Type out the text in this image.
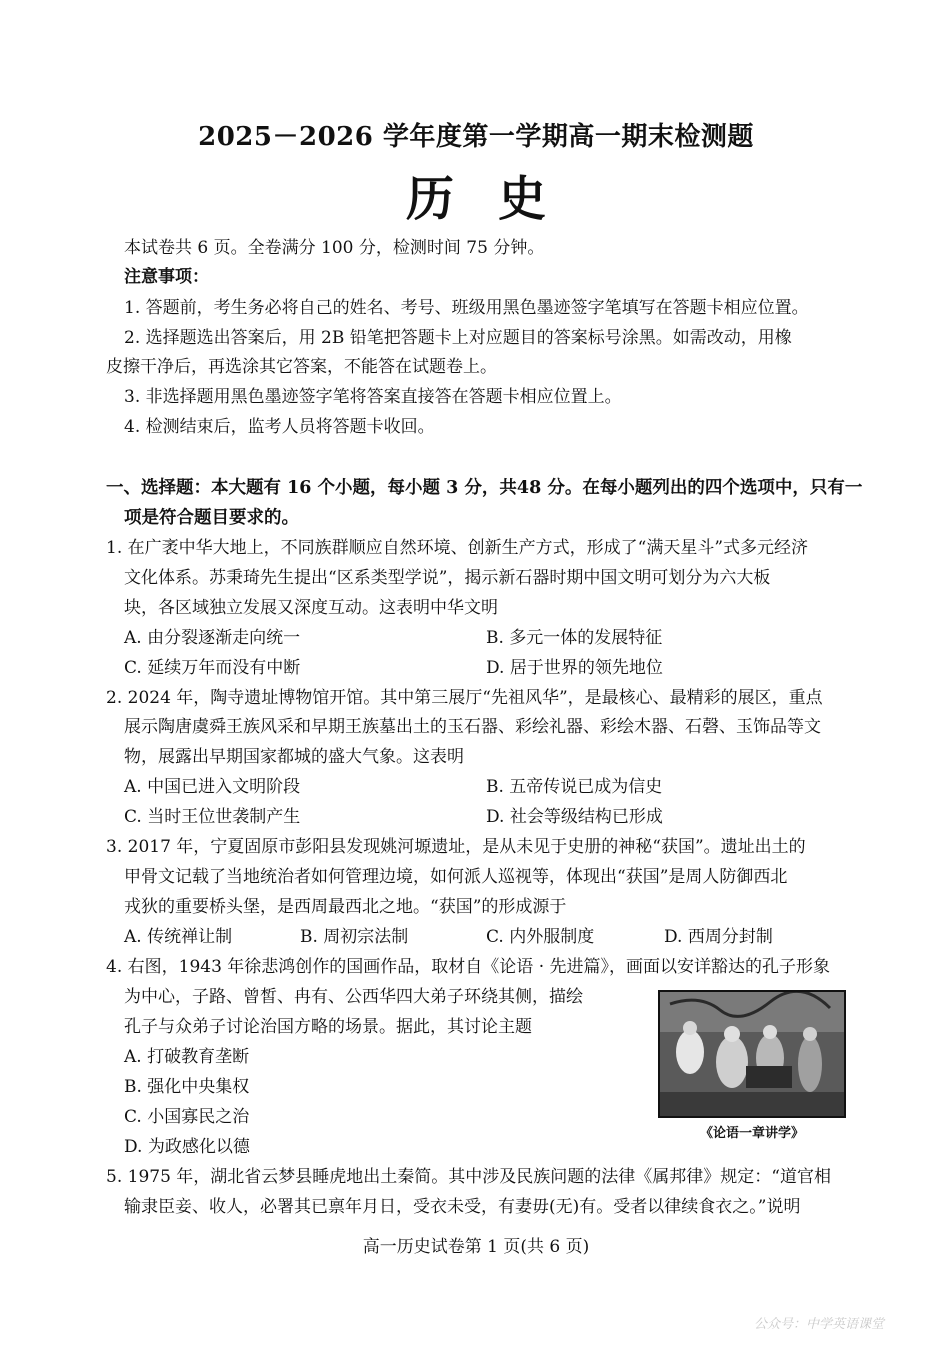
2025－2026 学年度第一学期高一期末检测题
历史
本试卷共 6 页。全卷满分 100 分，检测时间 75 分钟。
注意事项：
1. 答题前，考生务必将自己的姓名、考号、班级用黑色墨迹签字笔填写在答题卡相应位置。
2. 选择题选出答案后，用 2B 铅笔把答题卡上对应题目的答案标号涂黑。如需改动，用橡
皮擦干净后，再选涂其它答案，不能答在试题卷上。
3. 非选择题用黑色墨迹签字笔将答案直接答在答题卡相应位置上。
4. 检测结束后，监考人员将答题卡收回。
一、选择题：本大题有 16 个小题，每小题 3 分，共48 分。在每小题列出的四个选项中，只有一
项是符合题目要求的。
1. 在广袤中华大地上，不同族群顺应自然环境、创新生产方式，形成了“满天星斗”式多元经济
文化体系。苏秉琦先生提出“区系类型学说”，揭示新石器时期中国文明可划分为六大板
块，各区域独立发展又深度互动。这表明中华文明
A. 由分裂逐渐走向统一	B. 多元一体的发展特征
C. 延续万年而没有中断	D. 居于世界的领先地位
2. 2024 年，陶寺遗址博物馆开馆。其中第三展厅“先祖风华”，是最核心、最精彩的展区，重点
展示陶唐虞舜王族风采和早期王族墓出土的玉石器、彩绘礼器、彩绘木器、石磬、玉饰品等文
物，展露出早期国家都城的盛大气象。这表明
A. 中国已进入文明阶段	B. 五帝传说已成为信史
C. 当时王位世袭制产生	D. 社会等级结构已形成
3. 2017 年，宁夏固原市彭阳县发现姚河塬遗址，是从未见于史册的神秘“获国”。遗址出土的
甲骨文记载了当地统治者如何管理边境，如何派人巡视等，体现出“获国”是周人防御西北
戎狄的重要桥头堡，是西周最西北之地。“获国”的形成源于
A. 传统禅让制	B. 周初宗法制	C. 内外服制度	D. 西周分封制
4. 右图，1943 年徐悲鸿创作的国画作品，取材自《论语 · 先进篇》，画面以安详豁达的孔子形象
为中心，子路、曾皙、冉有、公西华四大弟子环绕其侧，描绘
孔子与众弟子讨论治国方略的场景。据此，其讨论主题
A. 打破教育垄断
B. 强化中央集权
C. 小国寡民之治
D. 为政感化以德
《论语一章讲学》
5. 1975 年，湖北省云梦县睡虎地出土秦简。其中涉及民族问题的法律《属邦律》规定：“道官相
输隶臣妾、收人，必署其已禀年月日，受衣未受，有妻毋(无)有。受者以律续食衣之。”说明
高一历史试卷第 1 页(共 6 页)
公众号：中学英语课堂
